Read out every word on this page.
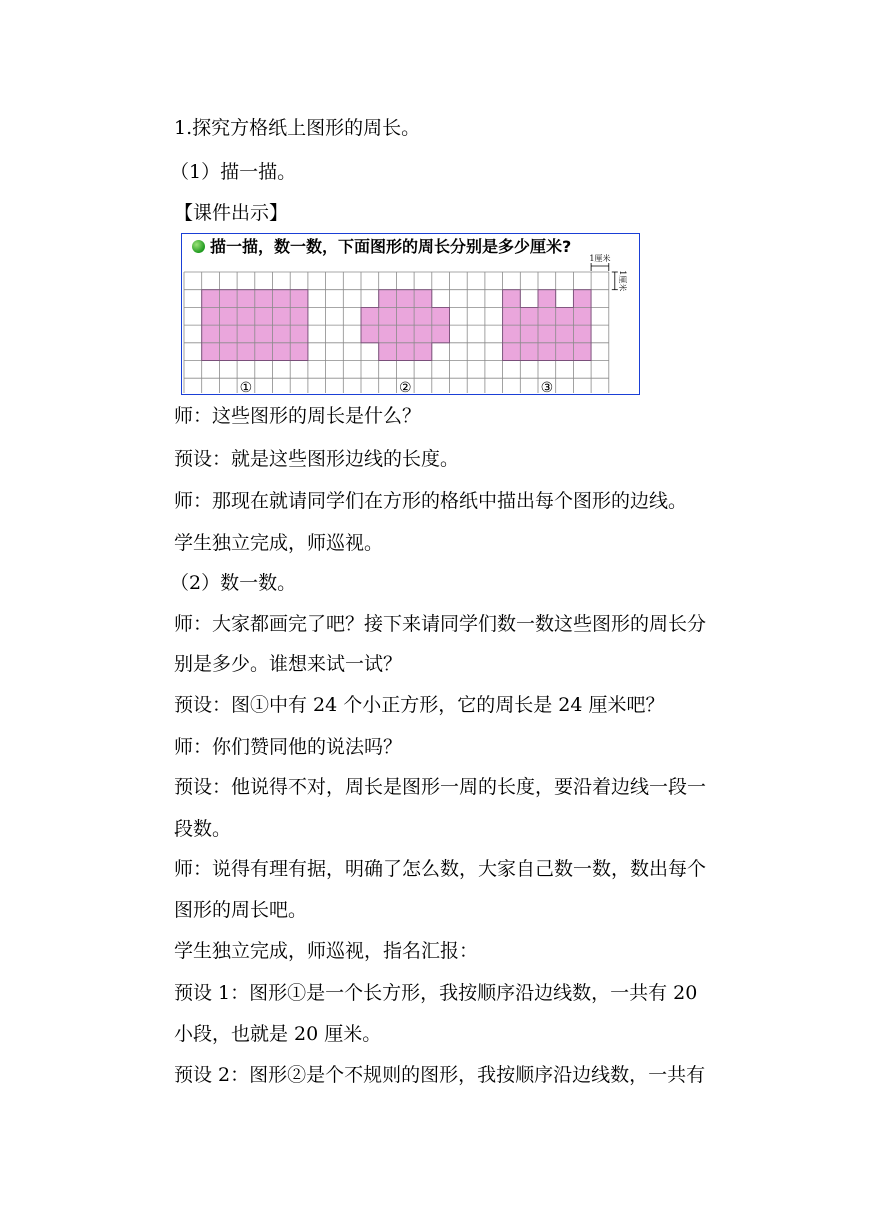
1.探究方格纸上图形的周长。
（1）描一描。
【课件出示】
师：这些图形的周长是什么？
预设：就是这些图形边线的长度。
师：那现在就请同学们在方形的格纸中描出每个图形的边线。
学生独立完成，师巡视。
（2）数一数。
师：大家都画完了吧？接下来请同学们数一数这些图形的周长分
别是多少。谁想来试一试？
预设：图①中有 24 个小正方形，它的周长是 24 厘米吧？
师：你们赞同他的说法吗？
预设：他说得不对，周长是图形一周的长度，要沿着边线一段一
段数。
师：说得有理有据，明确了怎么数，大家自己数一数，数出每个
图形的周长吧。
学生独立完成，师巡视，指名汇报：
预设 1：图形①是一个长方形，我按顺序沿边线数，一共有 20
小段，也就是 20 厘米。
预设 2：图形②是个不规则的图形，我按顺序沿边线数，一共有
描一描，数一数，下面图形的周长分别是多少厘米?
①	②	③
1厘米
1厘米
